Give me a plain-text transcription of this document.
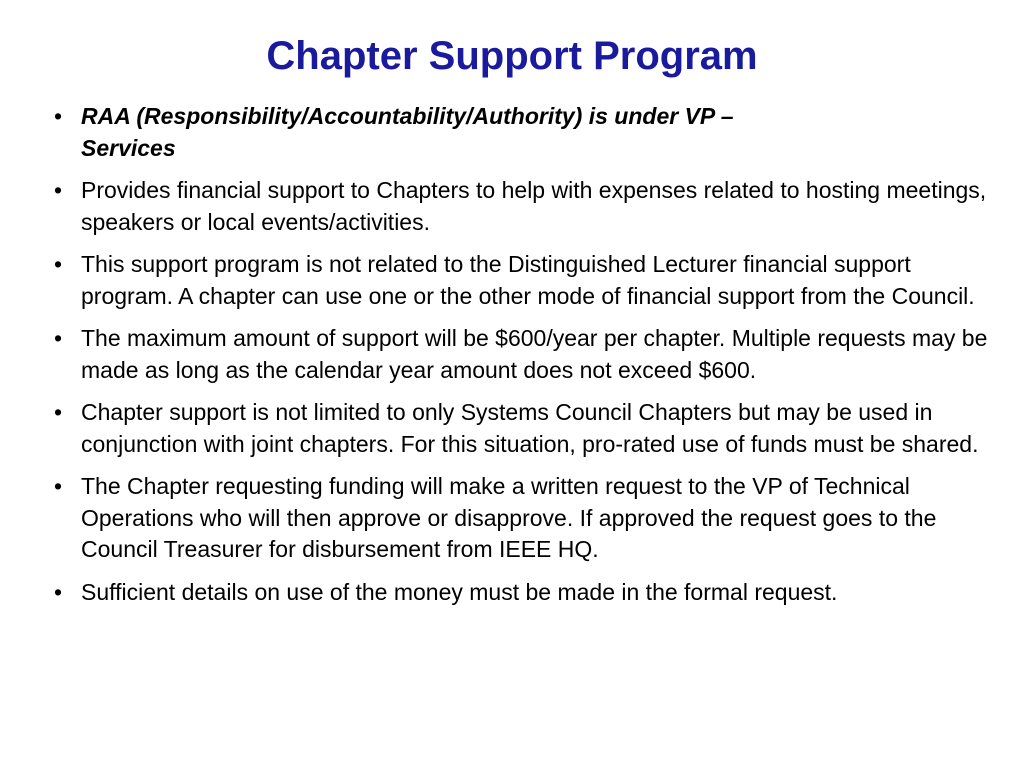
Chapter Support Program
• RAA (Responsibility/Accountability/Authority) is under VP – Services
• Provides financial support to Chapters to help with expenses related to hosting meetings, speakers or local events/activities.
• This support program is not related to the Distinguished Lecturer financial support program. A chapter can use one or the other mode of financial support from the Council.
• The maximum amount of support will be $600/year per chapter. Multiple requests may be made as long as the calendar year amount does not exceed $600.
• Chapter support is not limited to only Systems Council Chapters but may be used in conjunction with joint chapters. For this situation, pro-rated use of funds must be shared.
• The Chapter requesting funding will make a written request to the VP of Technical Operations who will then approve or disapprove. If approved the request goes to the Council Treasurer for disbursement from IEEE HQ.
• Sufficient details on use of the money must be made in the formal request.
